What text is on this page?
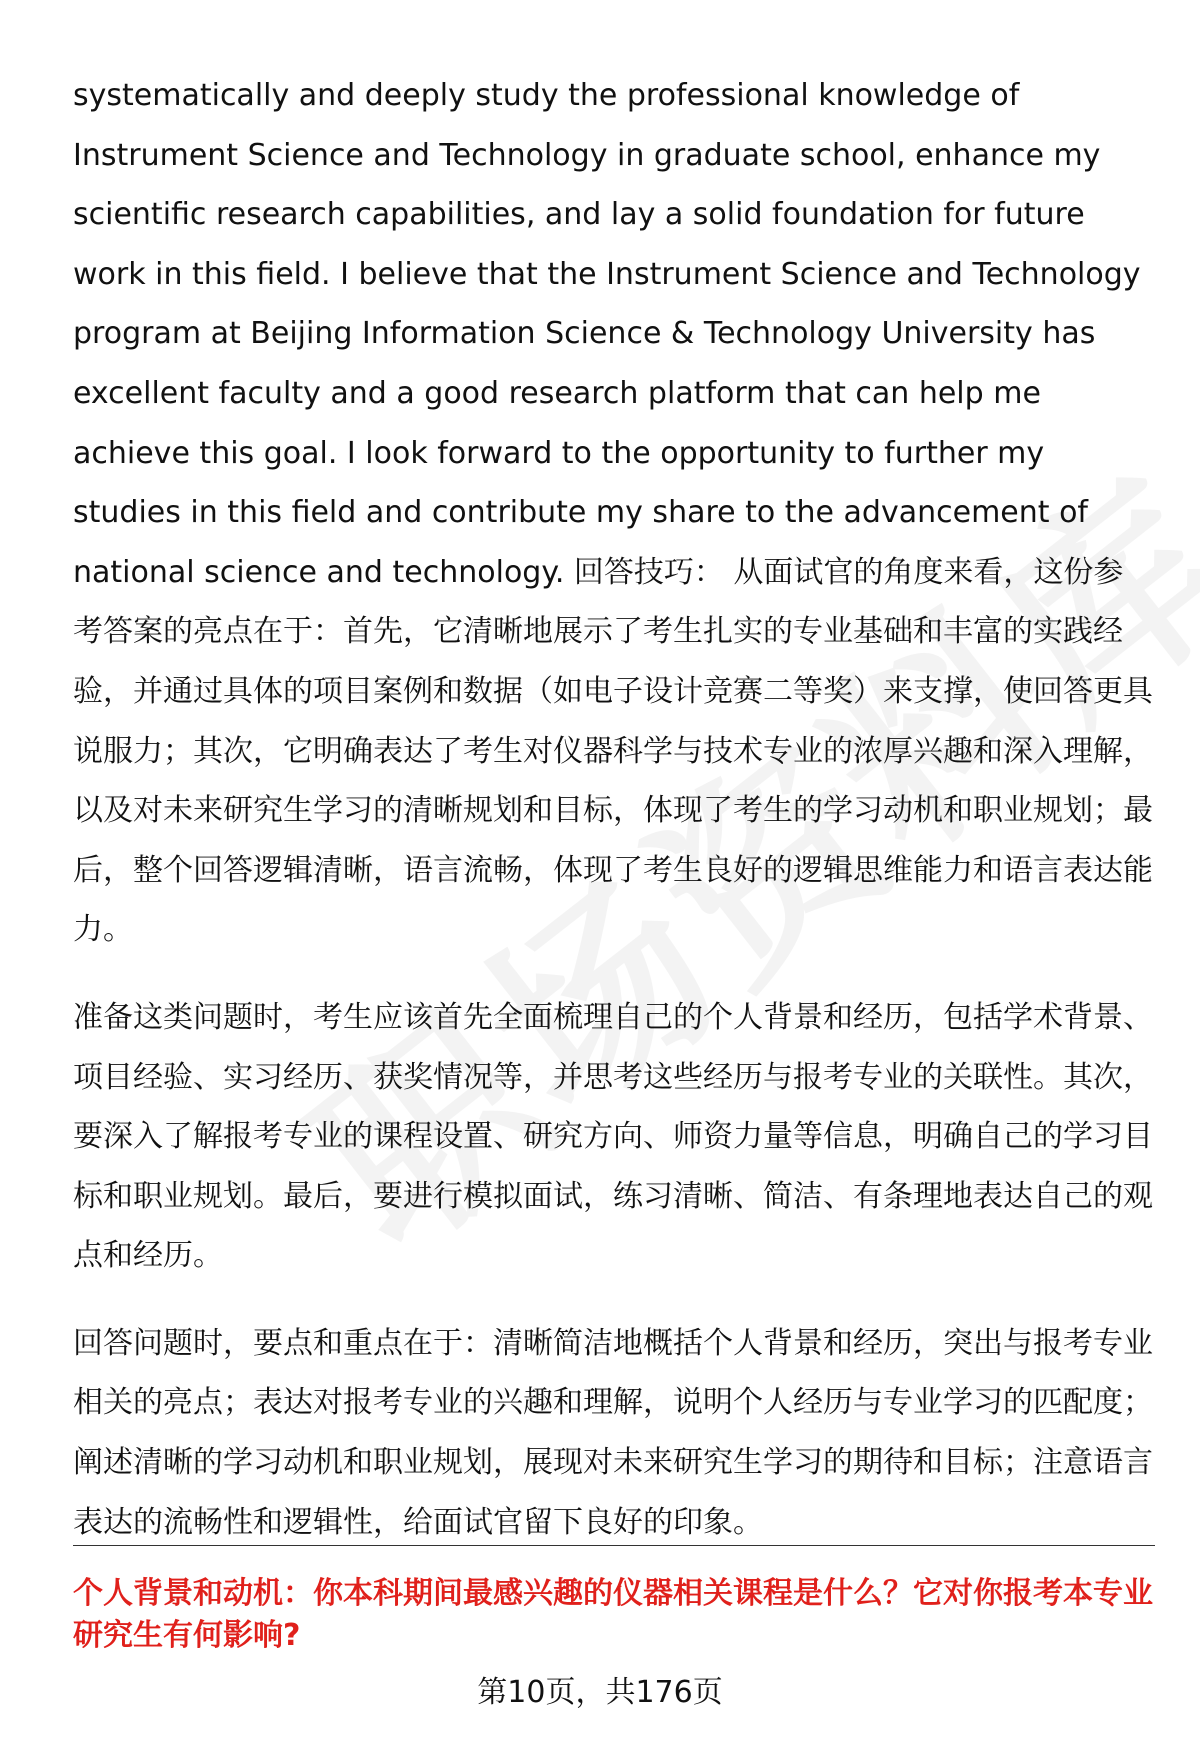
systematically and deeply study the professional knowledge of Instrument Science and Technology in graduate school, enhance my scientific research capabilities, and lay a solid foundation for future work in this field. I believe that the Instrument Science and Technology program at Beijing Information Science & Technology University has excellent faculty and a good research platform that can help me achieve this goal. I look forward to the opportunity to further my studies in this field and contribute my share to the advancement of national science and technology. 回答技巧： 从面试官的角度来看，这份参考答案的亮点在于：首先，它清晰地展示了考生扎实的专业基础和丰富的实践经验，并通过具体的项目案例和数据（如电子设计竞赛二等奖）来支撑，使回答更具说服力；其次，它明确表达了考生对仪器科学与技术专业的浓厚兴趣和深入理解，以及对未来研究生学习的清晰规划和目标，体现了考生的学习动机和职业规划；最后，整个回答逻辑清晰，语言流畅，体现了考生良好的逻辑思维能力和语言表达能力。

准备这类问题时，考生应该首先全面梳理自己的个人背景和经历，包括学术背景、项目经验、实习经历、获奖情况等，并思考这些经历与报考专业的关联性。其次，要深入了解报考专业的课程设置、研究方向、师资力量等信息，明确自己的学习目标和职业规划。最后，要进行模拟面试，练习清晰、简洁、有条理地表达自己的观点和经历。

回答问题时，要点和重点在于：清晰简洁地概括个人背景和经历，突出与报考专业相关的亮点；表达对报考专业的兴趣和理解，说明个人经历与专业学习的匹配度；阐述清晰的学习动机和职业规划，展现对未来研究生学习的期待和目标；注意语言表达的流畅性和逻辑性，给面试官留下良好的印象。

个人背景和动机：你本科期间最感兴趣的仪器相关课程是什么？它对你报考本专业研究生有何影响?

第10页，共176页
